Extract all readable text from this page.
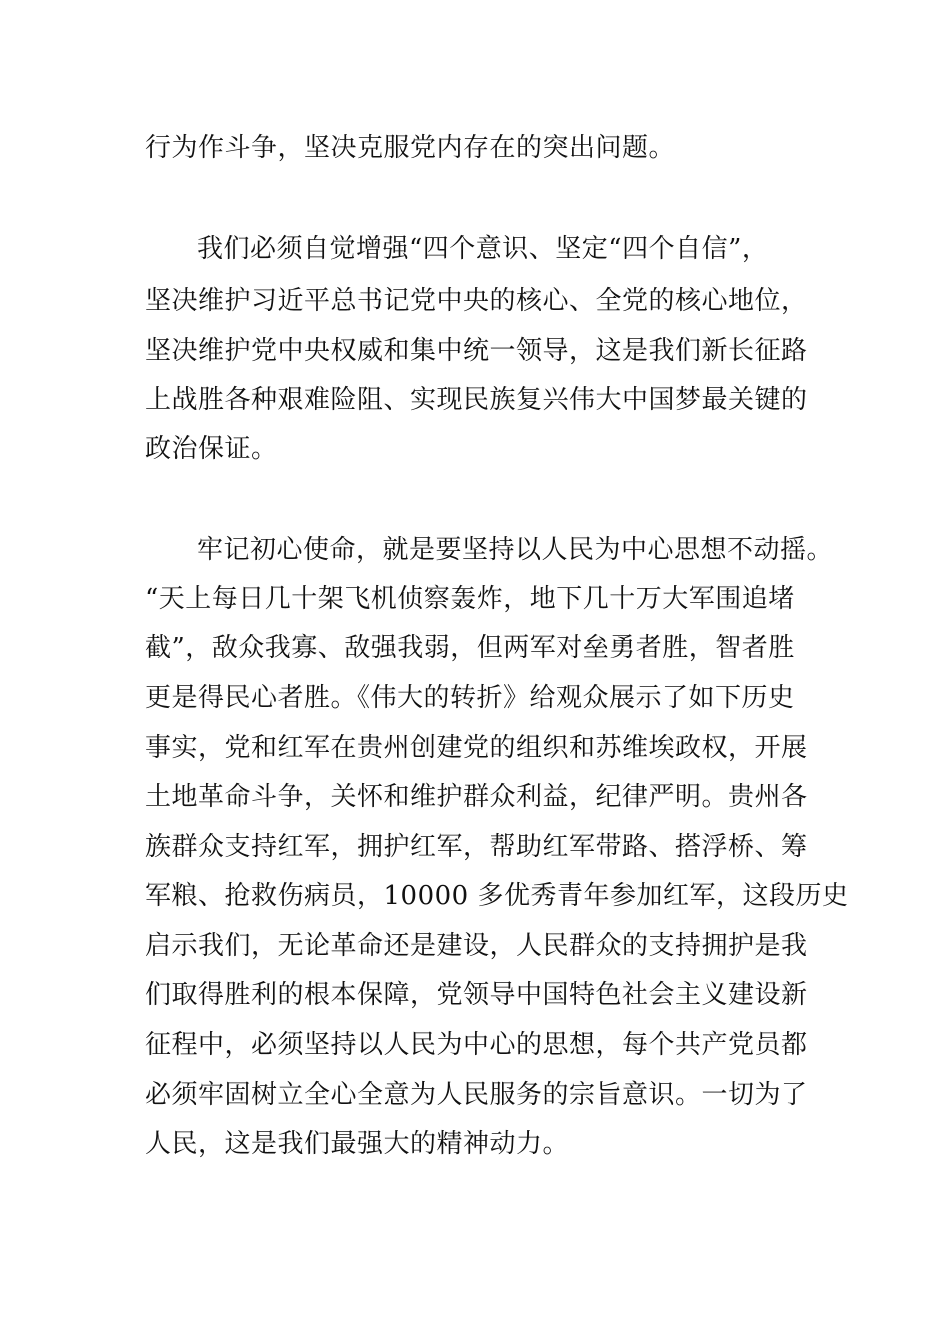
行为作斗争，坚决克服党内存在的突出问题。

我们必须自觉增强“四个意识、坚定“四个自信”，

坚决维护习近平总书记党中央的核心、全党的核心地位，

坚决维护党中央权威和集中统一领导，这是我们新长征路

上战胜各种艰难险阻、实现民族复兴伟大中国梦最关键的

政治保证。

牢记初心使命，就是要坚持以人民为中心思想不动摇。

“天上每日几十架飞机侦察轰炸，地下几十万大军围追堵

截”，敌众我寡、敌强我弱，但两军对垒勇者胜，智者胜

更是得民心者胜。《伟大的转折》给观众展示了如下历史

事实，党和红军在贵州创建党的组织和苏维埃政权，开展

土地革命斗争，关怀和维护群众利益，纪律严明。贵州各

族群众支持红军，拥护红军，帮助红军带路、搭浮桥、筹

军粮、抢救伤病员，10000 多优秀青年参加红军，这段历史

启示我们，无论革命还是建设，人民群众的支持拥护是我

们取得胜利的根本保障，党领导中国特色社会主义建设新

征程中，必须坚持以人民为中心的思想，每个共产党员都

必须牢固树立全心全意为人民服务的宗旨意识。一切为了

人民，这是我们最强大的精神动力。
